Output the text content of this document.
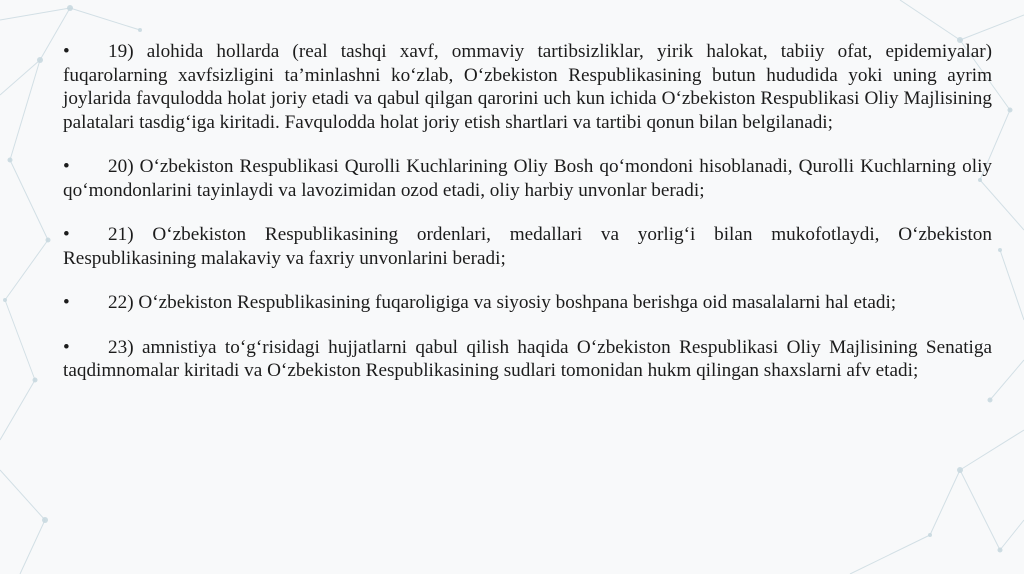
• 19) alohida hollarda (real tashqi xavf, ommaviy tartibsizliklar, yirik halokat, tabiiy ofat, epidemiyalar) fuqarolarning xavfsizligini ta’minlashni ko‘zlab, O‘zbekiston Respublikasining butun hududida yoki uning ayrim joylarida favqulodda holat joriy etadi va qabul qilgan qarorini uch kun ichida O‘zbekiston Respublikasi Oliy Majlisining palatalari tasdig‘iga kiritadi. Favqulodda holat joriy etish shartlari va tartibi qonun bilan belgilanadi;

• 20) O‘zbekiston Respublikasi Qurolli Kuchlarining Oliy Bosh qo‘mondoni hisoblanadi, Qurolli Kuchlarning oliy qo‘mondonlarini tayinlaydi va lavozimidan ozod etadi, oliy harbiy unvonlar beradi;

• 21) O‘zbekiston Respublikasining ordenlari, medallari va yorlig‘i bilan mukofotlaydi, O‘zbekiston Respublikasining malakaviy va faxriy unvonlarini beradi;

• 22) O‘zbekiston Respublikasining fuqaroligiga va siyosiy boshpana berishga oid masalalarni hal etadi;

• 23) amnistiya to‘g‘risidagi hujjatlarni qabul qilish haqida O‘zbekiston Respublikasi Oliy Majlisining Senatiga taqdimnomalar kiritadi va O‘zbekiston Respublikasining sudlari tomonidan hukm qilingan shaxslarni afv etadi;
